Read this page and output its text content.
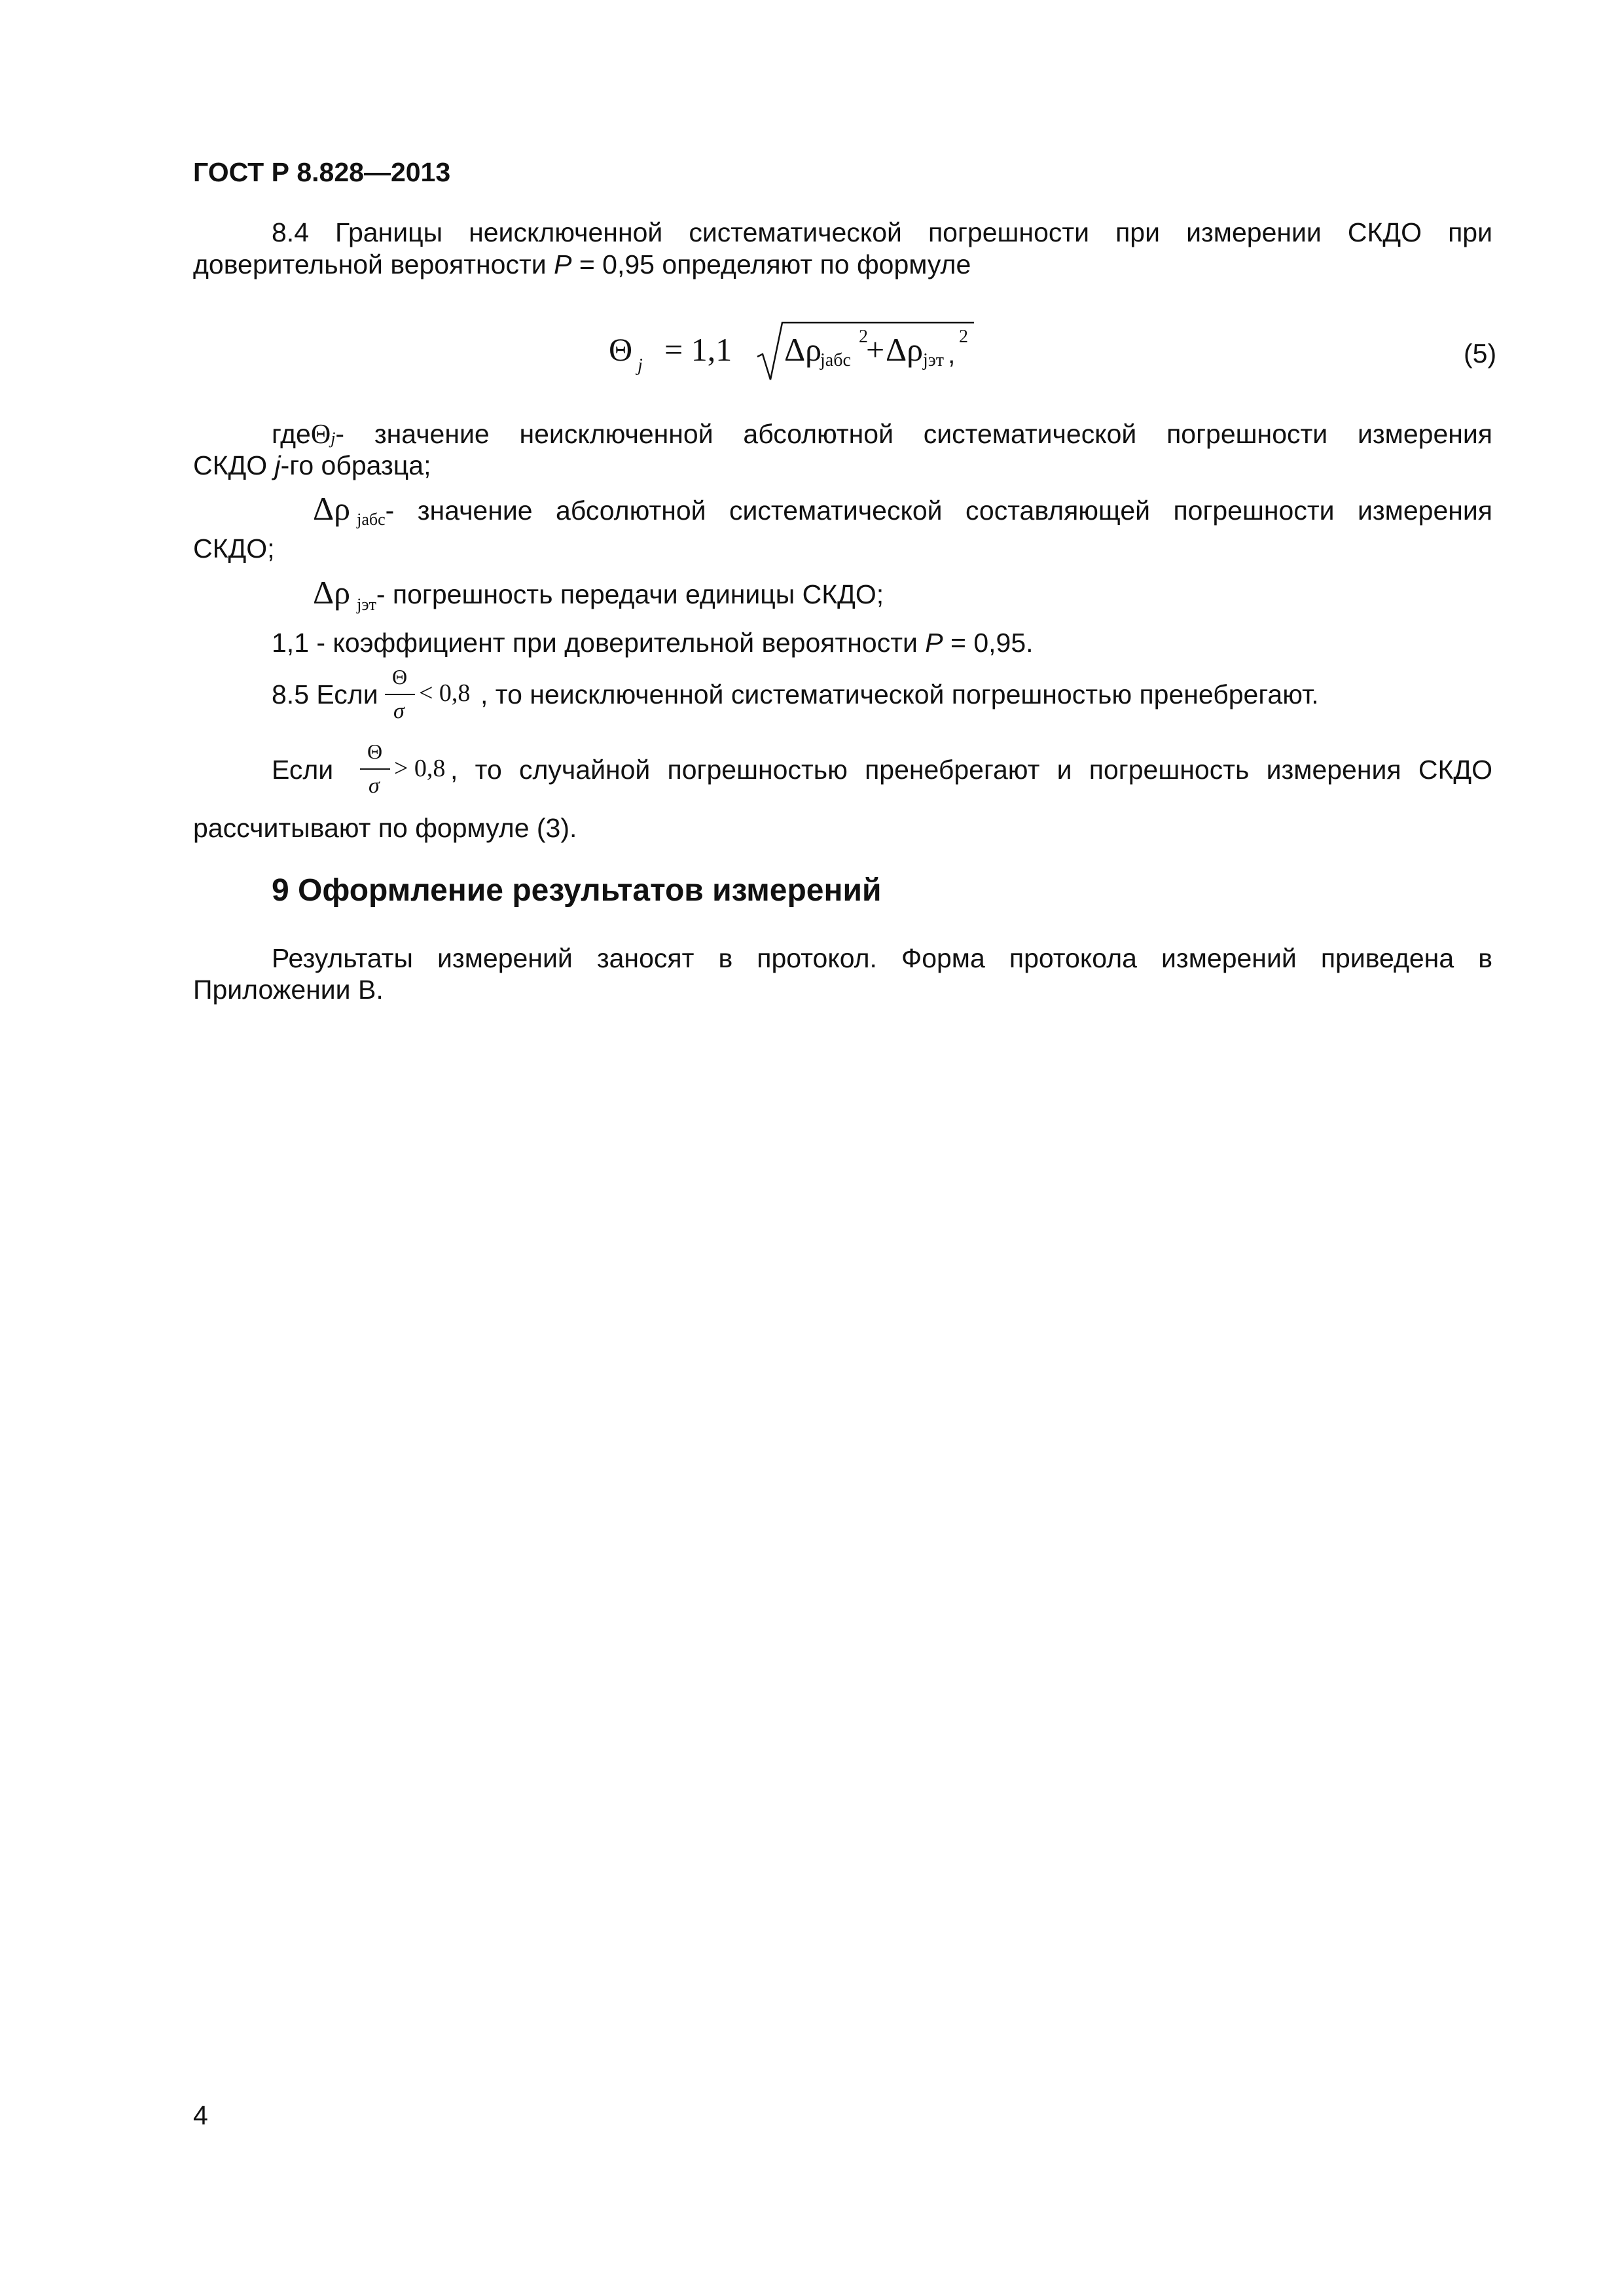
ГОСТ Р 8.828—2013
8.4 Границы неисключенной систематической погрешности при измерении СКДО при
доверительной вероятности P = 0,95 определяют по формуле
Θ j = 1,1 Δρ
jабс
2
+ Δρ jэт
2
,	(5)
где Θ j - значение неисключенной абсолютной систематической погрешности измерения
СКДО j-го образца;
Δρ jабс - значение абсолютной систематической составляющей погрешности измерения
СКДО;
Δρ jэт - погрешность передачи единицы СКДО;
1,1 - коэффициент при доверительной вероятности P = 0,95.
8.5 Если
Θ
σ
< 0,8 , то неисключенной систематической погрешностью пренебрегают.
Если
Θ
σ
> 0,8 , то случайной погрешностью пренебрегают и погрешность измерения СКДО
рассчитывают по формуле (3).
9 Оформление результатов измерений
Результаты измерений заносят в протокол. Форма протокола измерений приведена в
Приложении В.
4
